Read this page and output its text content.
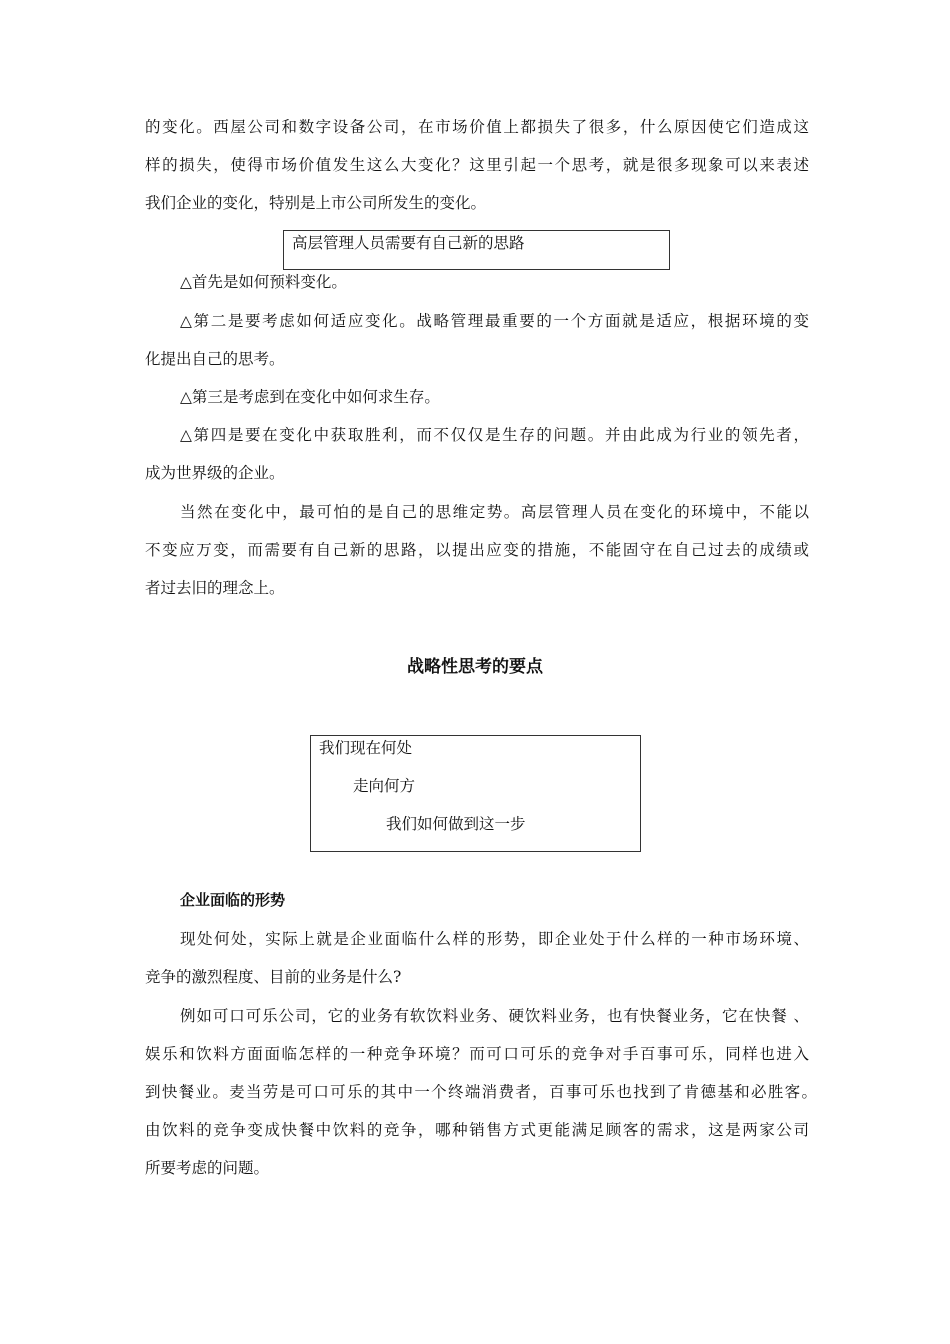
的变化。西屋公司和数字设备公司，在市场价值上都损失了很多，什么原因使它们造成这

样的损失，使得市场价值发生这么大变化？这里引起一个思考，就是很多现象可以来表述

我们企业的变化，特别是上市公司所发生的变化。

高层管理人员需要有自己新的思路

△首先是如何预料变化。

△第二是要考虑如何适应变化。战略管理最重要的一个方面就是适应，根据环境的变

化提出自己的思考。

△第三是考虑到在变化中如何求生存。

△第四是要在变化中获取胜利，而不仅仅是生存的问题。并由此成为行业的领先者，

成为世界级的企业。

当然在变化中，最可怕的是自己的思维定势。高层管理人员在变化的环境中，不能以

不变应万变，而需要有自己新的思路，以提出应变的措施，不能固守在自己过去的成绩或

者过去旧的理念上。

战略性思考的要点
我们现在何处
走向何方
我们如何做到这一步
企业面临的形势

现处何处，实际上就是企业面临什么样的形势，即企业处于什么样的一种市场环境、

竞争的激烈程度、目前的业务是什么?

例如可口可乐公司，它的业务有软饮料业务、硬饮料业务，也有快餐业务，它在快餐 、

娱乐和饮料方面面临怎样的一种竞争环境？而可口可乐的竞争对手百事可乐，同样也进入

到快餐业。麦当劳是可口可乐的其中一个终端消费者，百事可乐也找到了肯德基和必胜客。

由饮料的竞争变成快餐中饮料的竞争，哪种销售方式更能满足顾客的需求，这是两家公司

所要考虑的问题。
